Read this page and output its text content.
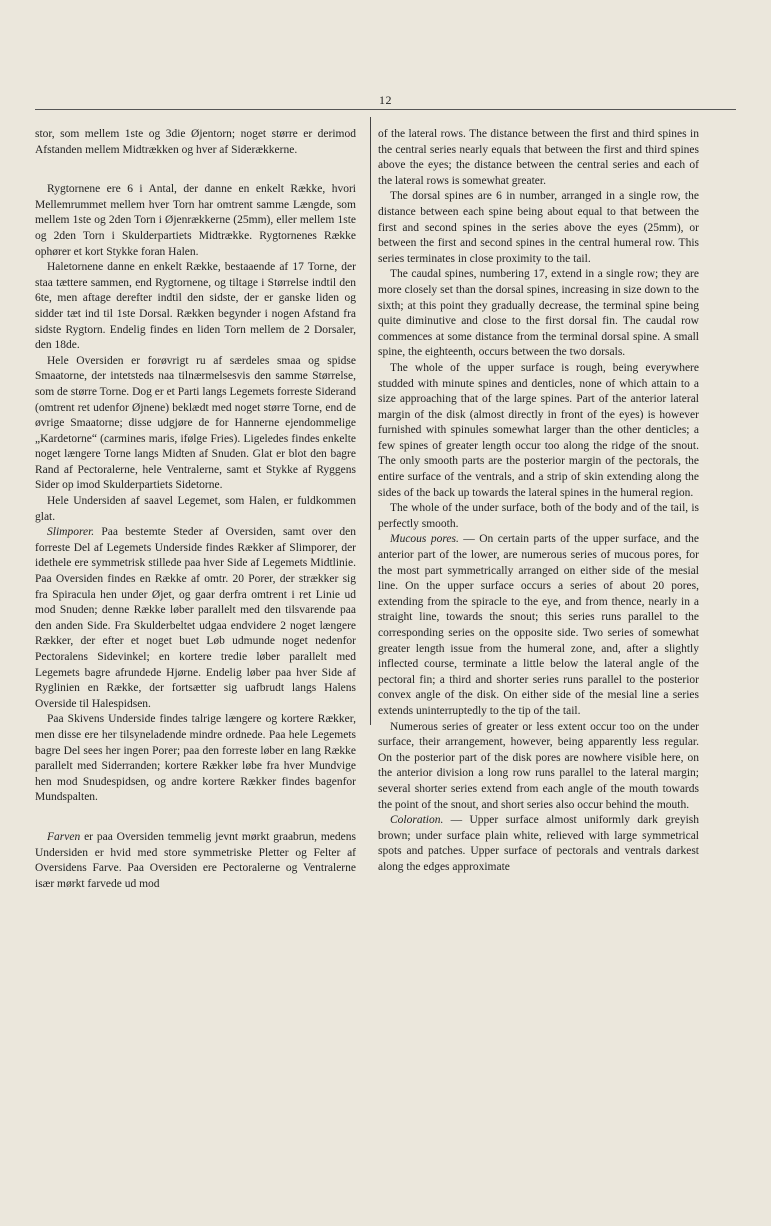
12

stor, som mellem 1ste og 3die Øjentorn; noget større er derimod Afstanden mellem Midtrækken og hver af Siderækkerne.

Rygtornene ere 6 i Antal, der danne en enkelt Række, hvori Mellemrummet mellem hver Torn har omtrent samme Længde, som mellem 1ste og 2den Torn i Øjenrækkerne (25mm), eller mellem 1ste og 2den Torn i Skulderpartiets Midtrække. Rygtornenes Række ophører et kort Stykke foran Halen.

Haletornene danne en enkelt Række, bestaaende af 17 Torne, der staa tættere sammen, end Rygtornene, og tiltage i Størrelse indtil den 6te, men aftage derefter indtil den sidste, der er ganske liden og sidder tæt ind til 1ste Dorsal. Rækken begynder i nogen Afstand fra sidste Rygtorn. Endelig findes en liden Torn mellem de 2 Dorsaler, den 18de.

Hele Oversiden er forøvrigt ru af særdeles smaa og spidse Smaatorne, der intetsteds naa tilnærmelsesvis den samme Størrelse, som de større Torne. Dog er et Parti langs Legemets forreste Siderand (omtrent ret udenfor Øjnene) beklædt med noget større Torne, end de øvrige Smaatorne; disse udgjøre de for Hannerne ejendommelige „Kardetorne“ (carmines maris, ifølge Fries). Ligeledes findes enkelte noget længere Torne langs Midten af Snuden. Glat er blot den bagre Rand af Pectoralerne, hele Ventralerne, samt et Stykke af Ryggens Sider op imod Skulderpartiets Sidetorne.

Hele Undersiden af saavel Legemet, som Halen, er fuldkommen glat.

Slimporer. Paa bestemte Steder af Oversiden, samt over den forreste Del af Legemets Underside findes Rækker af Slimporer, der idethele ere symmetrisk stillede paa hver Side af Legemets Midtlinie. Paa Oversiden findes en Række af omtr. 20 Porer, der strækker sig fra Spiracula hen under Øjet, og gaar derfra omtrent i ret Linie ud mod Snuden; denne Række løber parallelt med den tilsvarende paa den anden Side. Fra Skulderbeltet udgaa endvidere 2 noget længere Rækker, der efter et noget buet Løb udmunde noget nedenfor Pectoralens Sidevinkel; en kortere tredie løber parallelt med Legemets bagre afrundede Hjørne. Endelig løber paa hver Side af Ryglinien en Række, der fortsætter sig uafbrudt langs Halens Overside til Halespidsen.

Paa Skivens Underside findes talrige længere og kortere Rækker, men disse ere her tilsyneladende mindre ordnede. Paa hele Legemets bagre Del sees her ingen Porer; paa den forreste løber en lang Række parallelt med Siderranden; kortere Rækker løbe fra hver Mundvige hen mod Snudespidsen, og andre kortere Rækker findes bagenfor Mundspalten.

Farven er paa Oversiden temmelig jevnt mørkt graabrun, medens Undersiden er hvid med store symmetriske Pletter og Felter af Oversidens Farve. Paa Oversiden ere Pectoralerne og Ventralerne især mørkt farvede ud mod

of the lateral rows. The distance between the first and third spines in the central series nearly equals that between the first and third spines above the eyes; the distance between the central series and each of the lateral rows is somewhat greater.

The dorsal spines are 6 in number, arranged in a single row, the distance between each spine being about equal to that between the first and second spines in the series above the eyes (25mm), or between the first and second spines in the central humeral row. This series terminates in close proximity to the tail.

The caudal spines, numbering 17, extend in a single row; they are more closely set than the dorsal spines, increasing in size down to the sixth; at this point they gradually decrease, the terminal spine being quite diminutive and close to the first dorsal fin. The caudal row commences at some distance from the terminal dorsal spine. A small spine, the eighteenth, occurs between the two dorsals.

The whole of the upper surface is rough, being everywhere studded with minute spines and denticles, none of which attain to a size approaching that of the large spines. Part of the anterior lateral margin of the disk (almost directly in front of the eyes) is however furnished with spinules somewhat larger than the other denticles; a few spines of greater length occur too along the ridge of the snout. The only smooth parts are the posterior margin of the pectorals, the entire surface of the ventrals, and a strip of skin extending along the sides of the back up towards the lateral spines in the humeral region.

The whole of the under surface, both of the body and of the tail, is perfectly smooth.

Mucous pores. — On certain parts of the upper surface, and the anterior part of the lower, are numerous series of mucous pores, for the most part symmetrically arranged on either side of the mesial line. On the upper surface occurs a series of about 20 pores, extending from the spiracle to the eye, and from thence, nearly in a straight line, towards the snout; this series runs parallel to the corresponding series on the opposite side. Two series of somewhat greater length issue from the humeral zone, and, after a slightly inflected course, terminate a little below the lateral angle of the pectoral fin; a third and shorter series runs parallel to the posterior convex angle of the disk. On either side of the mesial line a series extends uninterruptedly to the tip of the tail.

Numerous series of greater or less extent occur too on the under surface, their arrangement, however, being apparently less regular. On the posterior part of the disk pores are nowhere visible here, on the anterior division a long row runs parallel to the lateral margin; several shorter series extend from each angle of the mouth towards the point of the snout, and short series also occur behind the mouth.

Coloration. — Upper surface almost uniformly dark greyish brown; under surface plain white, relieved with large symmetrical spots and patches. Upper surface of pectorals and ventrals darkest along the edges approximate
